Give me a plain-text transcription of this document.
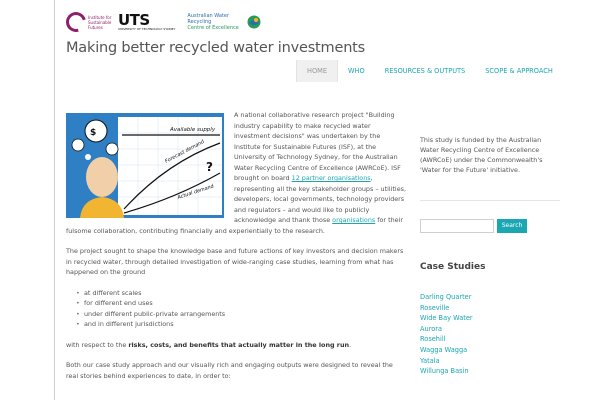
Institute for Sustainable Futures	UTS
UNIVERSITY OF TECHNOLOGY SYDNEY
Australian Water Recycling
Centre of Excellence
Making better recycled water investments
HOME	WHO	RESOURCES & OUTPUTS	SCOPE & APPROACH
Available supply
Forecast demand
Actual demand
?
$

A national collaborative research project "Building industry capability to make recycled water investment decisions" was undertaken by the Institute for Sustainable Futures (ISF), at the University of Technology Sydney, for the Australian Water Recycling Centre of Excellence (AWRCoE). ISF brought on board 12 partner organisations, representing all the key stakeholder groups – utilities, developers, local governments, technology providers and regulators – and would like to publicly acknowledge and thank those organisations for their fulsome collaboration, contributing financially and experientially to the research.

The project sought to shape the knowledge base and future actions of key investors and decision makers in recycled water, through detailed investigation of wide-ranging case studies, learning from what has happened on the ground

• at different scales
• for different end uses
• under different public-private arrangements
• and in different jurisdictions

with respect to the risks, costs, and benefits that actually matter in the long run.

Both our case study approach and our visually rich and engaging outputs were designed to reveal the real stories behind experiences to date, in order to:

This study is funded by the Australian Water Recycling Centre of Excellence (AWRCoE) under the Commonwealth's 'Water for the Future' initiative.
Search
Case Studies
Darling Quarter
Roseville
Wide Bay Water
Aurora
Rosehill
Wagga Wagga
Yatala
Willunga Basin
